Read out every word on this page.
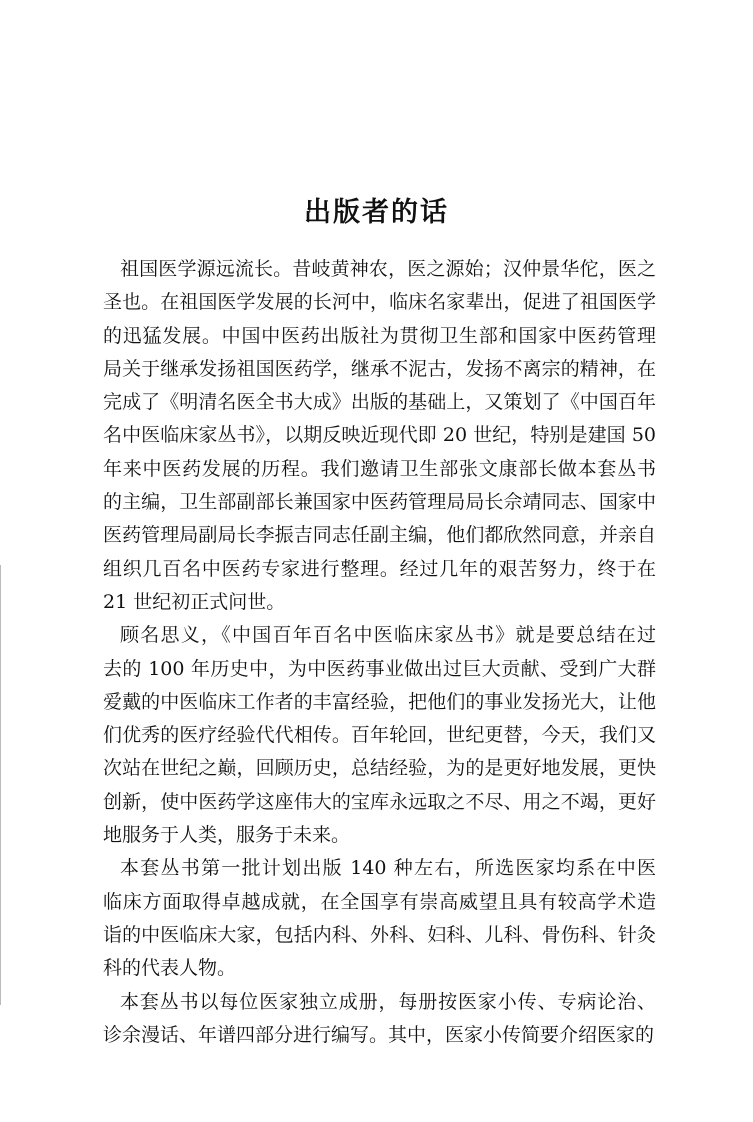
出版者的话
祖国医学源远流长。昔岐黄神农，医之源始；汉仲景华佗，医之
圣也。在祖国医学发展的长河中，临床名家辈出，促进了祖国医学
的迅猛发展。中国中医药出版社为贯彻卫生部和国家中医药管理
局关于继承发扬祖国医药学，继承不泥古，发扬不离宗的精神，在
完成了《明清名医全书大成》出版的基础上，又策划了《中国百年
名中医临床家丛书》，以期反映近现代即 20 世纪，特别是建国 50
年来中医药发展的历程。我们邀请卫生部张文康部长做本套丛书
的主编，卫生部副部长兼国家中医药管理局局长佘靖同志、国家中
医药管理局副局长李振吉同志任副主编，他们都欣然同意，并亲自
组织几百名中医药专家进行整理。经过几年的艰苦努力，终于在
21 世纪初正式问世。
顾名思义，《中国百年百名中医临床家丛书》就是要总结在过
去的 100 年历史中，为中医药事业做出过巨大贡献、受到广大群
爱戴的中医临床工作者的丰富经验，把他们的事业发扬光大，让他
们优秀的医疗经验代代相传。百年轮回，世纪更替，今天，我们又
次站在世纪之巅，回顾历史，总结经验，为的是更好地发展，更快
创新，使中医药学这座伟大的宝库永远取之不尽、用之不竭，更好
地服务于人类，服务于未来。
本套丛书第一批计划出版 140 种左右，所选医家均系在中医
临床方面取得卓越成就，在全国享有崇高威望且具有较高学术造
诣的中医临床大家，包括内科、外科、妇科、儿科、骨伤科、针灸
科的代表人物。
本套丛书以每位医家独立成册，每册按医家小传、专病论治、
诊余漫话、年谱四部分进行编写。其中，医家小传简要介绍医家的
